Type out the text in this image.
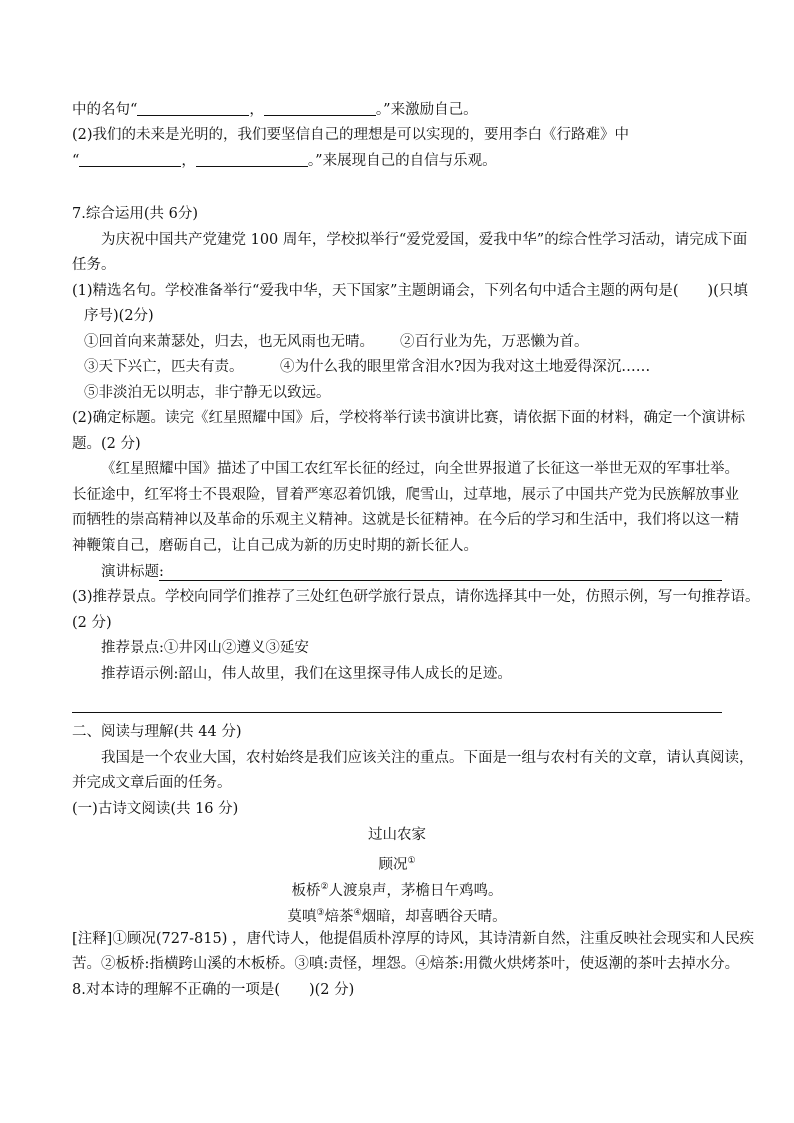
中的名句“	，	。”来激励自己。
(2)我们的未来是光明的，我们要坚信自己的理想是可以实现的，要用李白《行路难》中
“	，	。”来展现自己的自信与乐观。
7.综合运用(共 6分)
为庆祝中国共产党建党 100 周年，学校拟举行“爱党爱国，爱我中华”的综合性学习活动，请完成下面
任务。
(1)精选名句。学校准备举行“爱我中华，天下国家”主题朗诵会，下列名句中适合主题的两句是(　　)(只填
序号)(2分)
①回首向来萧瑟处，归去，也无风雨也无晴。 ②百行业为先，万恶懒为首。
③天下兴亡，匹夫有责。	④为什么我的眼里常含泪水?因为我对这土地爱得深沉……
⑤非淡泊无以明志，非宁静无以致远。
(2)确定标题。读完《红星照耀中国》后，学校将举行读书演讲比赛，请依据下面的材料，确定一个演讲标
题。(2 分)
《红星照耀中国》描述了中国工农红军长征的经过，向全世界报道了长征这一举世无双的军事壮举。
长征途中，红军将士不畏艰险，冒着严寒忍着饥饿，爬雪山，过草地，展示了中国共产党为民族解放事业
而牺牲的崇高精神以及革命的乐观主义精神。这就是长征精神。在今后的学习和生活中，我们将以这一精
神鞭策自己，磨砺自己，让自己成为新的历史时期的新长征人。
演讲标题:
(3)推荐景点。学校向同学们推荐了三处红色研学旅行景点，请你选择其中一处，仿照示例，写一句推荐语。
(2 分)
推荐景点:①井冈山②遵义③延安
推荐语示例:韶山，伟人故里，我们在这里探寻伟人成长的足迹。
二、阅读与理解(共 44 分)
我国是一个农业大国，农村始终是我们应该关注的重点。下面是一组与农村有关的文章，请认真阅读，
并完成文章后面的任务。
(一)古诗文阅读(共 16 分)
过山农家
顾况①
板桥②人渡泉声，茅檐日午鸡鸣。
莫嗔③焙茶④烟暗，却喜晒谷天晴。
[注释]①顾况(727-815) ，唐代诗人，他提倡质朴淳厚的诗风，其诗清新自然，注重反映社会现实和人民疾
苦。②板桥:指横跨山溪的木板桥。③嗔:责怪，埋怨。④焙茶:用微火烘烤茶叶，使返潮的茶叶去掉水分。
8.对本诗的理解不正确的一项是(　　)(2 分)
